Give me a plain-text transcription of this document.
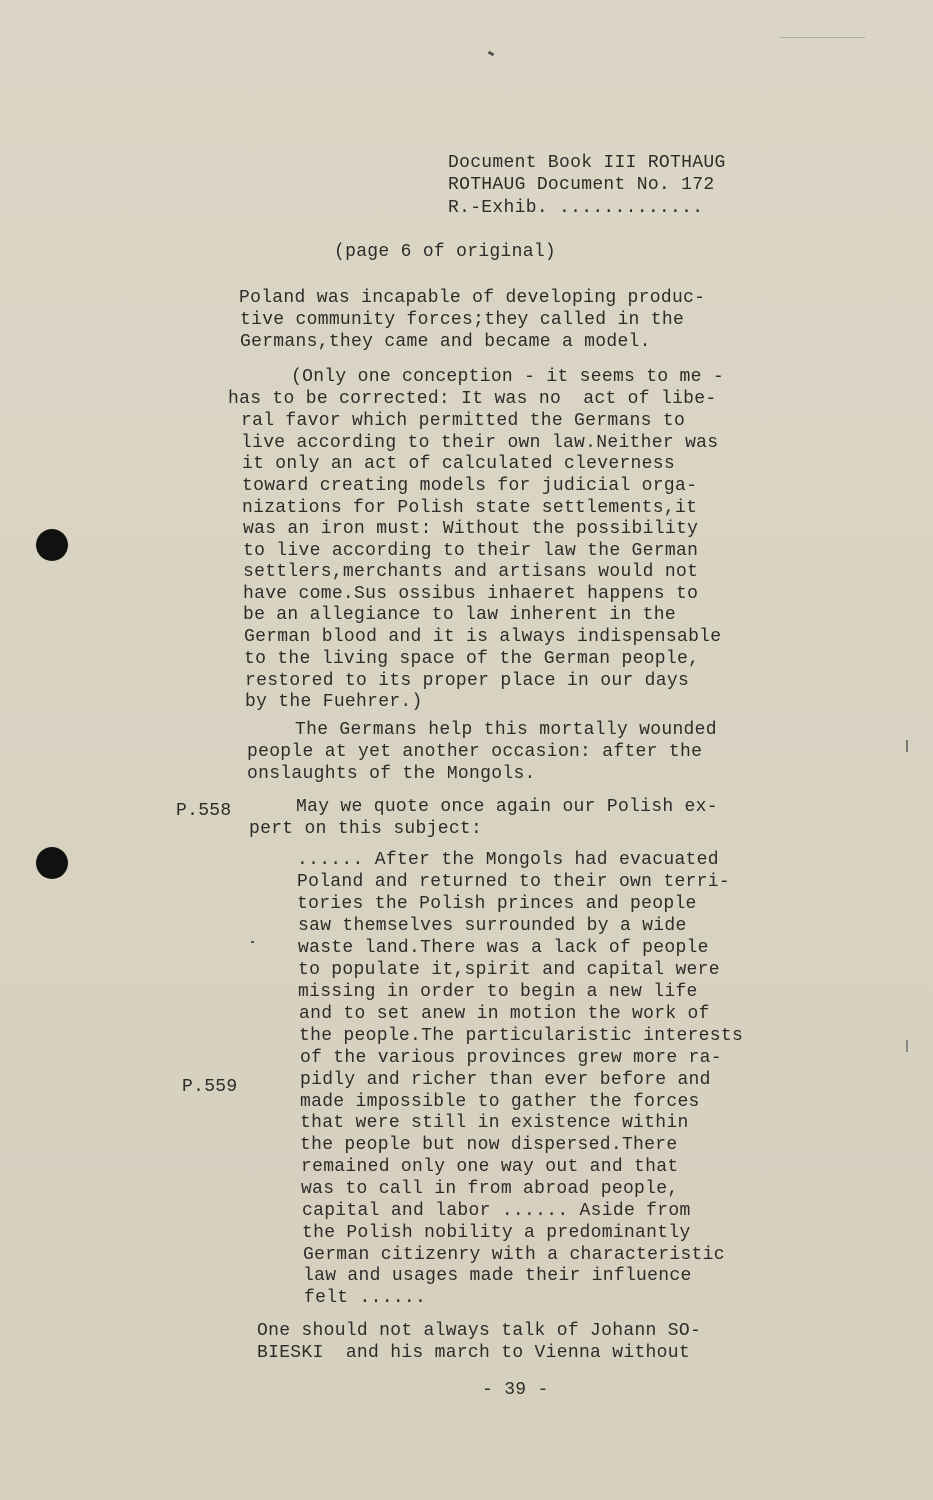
Document Book III ROTHAUG
ROTHAUG Document No. 172
R.-Exhib. .............
(page 6 of original)
Poland was incapable of developing produc-
tive community forces;they called in the
Germans,they came and became a model.
(Only one conception - it seems to me -
has to be corrected: It was no  act of libe-
ral favor which permitted the Germans to
live according to their own law.Neither was
it only an act of calculated cleverness
toward creating models for judicial orga-
nizations for Polish state settlements,it
was an iron must: Without the possibility
to live according to their law the German
settlers,merchants and artisans would not
have come.Sus ossibus inhaeret happens to
be an allegiance to law inherent in the
German blood and it is always indispensable
to the living space of the German people,
restored to its proper place in our days
by the Fuehrer.)
The Germans help this mortally wounded
people at yet another occasion: after the
onslaughts of the Mongols.
P.558	May we quote once again our Polish ex-
pert on this subject:
...... After the Mongols had evacuated
Poland and returned to their own terri-
tories the Polish princes and people
saw themselves surrounded by a wide
waste land.There was a lack of people
to populate it,spirit and capital were
missing in order to begin a new life
and to set anew in motion the work of
the people.The particularistic interests
of the various provinces grew more ra-
P.559	pidly and richer than ever before and
made impossible to gather the forces
that were still in existence within
the people but now dispersed.There
remained only one way out and that
was to call in from abroad people,
capital and labor ...... Aside from
the Polish nobility a predominantly
German citizenry with a characteristic
law and usages made their influence
felt ......
One should not always talk of Johann SO-
BIESKI  and his march to Vienna without
- 39 -
